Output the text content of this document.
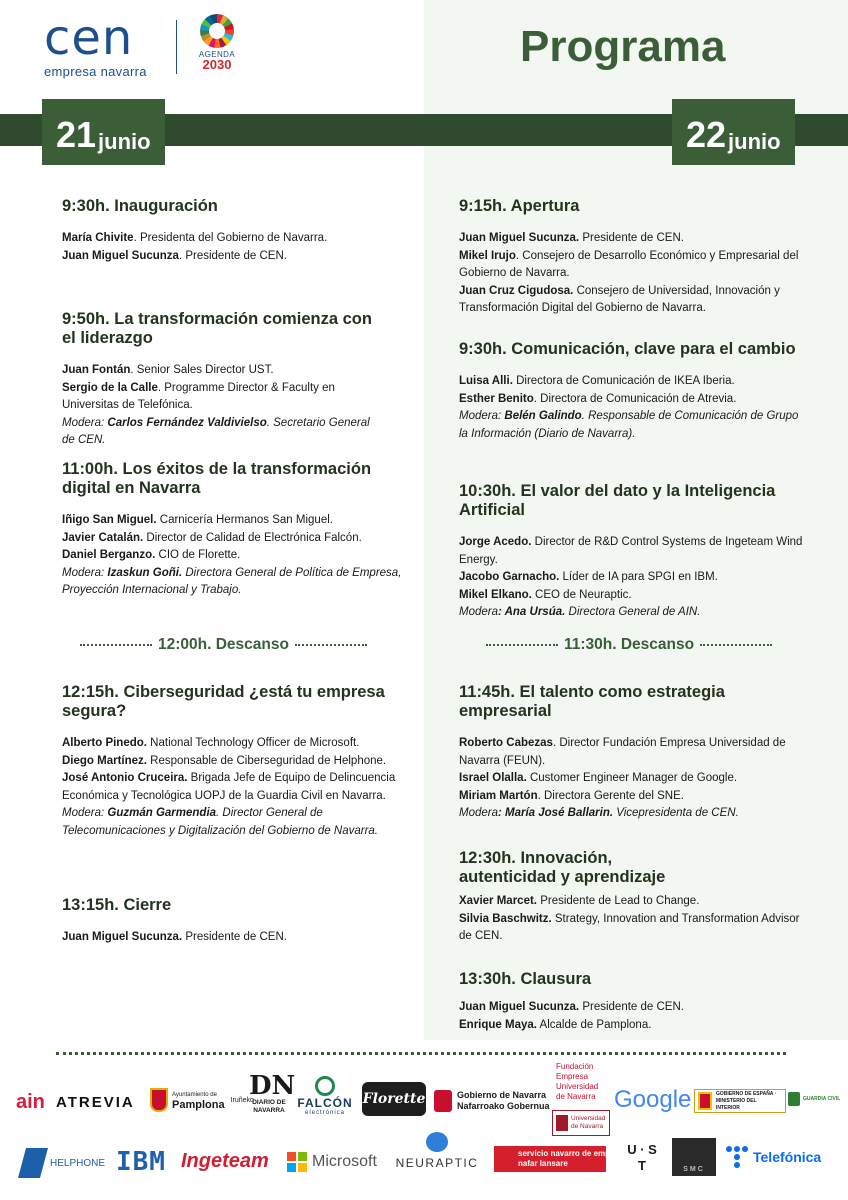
cen
empresa navarra
AGENDA
2030	Programa
21 junio	22 junio
9:30h. Inauguración

María Chivite. Presidenta del Gobierno de Navarra.

Juan Miguel Sucunza. Presidente de CEN.

9:50h. La transformación comienza con el liderazgo

Juan Fontán. Senior Sales Director UST.

Sergio de la Calle. Programme Director & Faculty en Universitas de Telefónica.

Modera: Carlos Fernández Valdivielso. Secretario General de CEN.

11:00h. Los éxitos de la transformación digital en Navarra

Iñigo San Miguel. Carnicería Hermanos San Miguel.

Javier Catalán. Director de Calidad de Electrónica Falcón.

Daniel Berganzo. CIO de Florette.

Modera: Izaskun Goñi. Directora General de Política de Empresa, Proyección Internacional y Trabajo.

12:00h. Descanso
12:15h. Ciberseguridad ¿está tu empresa segura?

Alberto Pinedo. National Technology Officer de Microsoft.

Diego Martínez. Responsable de Ciberseguridad de Helphone.

José Antonio Cruceira. Brigada Jefe de Equipo de Delincuencia Económica y Tecnológica UOPJ de la Guardia Civil en Navarra.

Modera: Guzmán Garmendia. Director General de Telecomunicaciones y Digitalización del Gobierno de Navarra.

13:15h. Cierre

Juan Miguel Sucunza. Presidente de CEN.

9:15h. Apertura

Juan Miguel Sucunza. Presidente de CEN.

Mikel Irujo. Consejero de Desarrollo Económico y Empresarial del Gobierno de Navarra.

Juan Cruz Cigudosa. Consejero de Universidad, Innovación y Transformación Digital del Gobierno de Navarra.

9:30h. Comunicación, clave para el cambio

Luisa Alli. Directora de Comunicación de IKEA Iberia.

Esther Benito. Directora de Comunicación de Atrevia.

Modera: Belén Galindo. Responsable de Comunicación de Grupo la Información (Diario de Navarra).

10:30h. El valor del dato y la Inteligencia Artificial

Jorge Acedo. Director de R&D Control Systems de Ingeteam Wind Energy.

Jacobo Garnacho. Líder de IA para SPGI en IBM.

Mikel Elkano. CEO de Neuraptic.

Modera: Ana Ursúa. Directora General de AIN.

11:30h. Descanso
11:45h. El talento como estrategia empresarial

Roberto Cabezas. Director Fundación Empresa Universidad de Navarra (FEUN).

Israel Olalla. Customer Engineer Manager de Google.

Miriam Martón. Directora Gerente del SNE.

Modera: María José Ballarin. Vicepresidenta de CEN.

12:30h. Innovación, autenticidad y aprendizaje

Xavier Marcet. Presidente de Lead to Change.

Silvia Baschwitz. Strategy, Innovation and Transformation Advisor de CEN.

13:30h. Clausura

Juan Miguel Sucunza. Presidente de CEN.

Enrique Maya. Alcalde de Pamplona.

ain ATREVIA	Ayuntamiento de
Pamplona Iruñeko
DN
DIARIO DE NAVARRA
FALCÓN
electrónica
Florette	Gobierno de Navarra
Nafarroako Gobernua
Fundación Empresa Universidad de Navarra
Universidad de Navarra
Google	GOBIERNO DE ESPAÑA · MINISTERIO DEL INTERIOR
GUARDIA CIVIL
HELPHONE IBM Ingeteam	Microsoft NEURAPTIC
servicio navarro de empleo
nafar lansare
U · S T	SMC
Telefónica
